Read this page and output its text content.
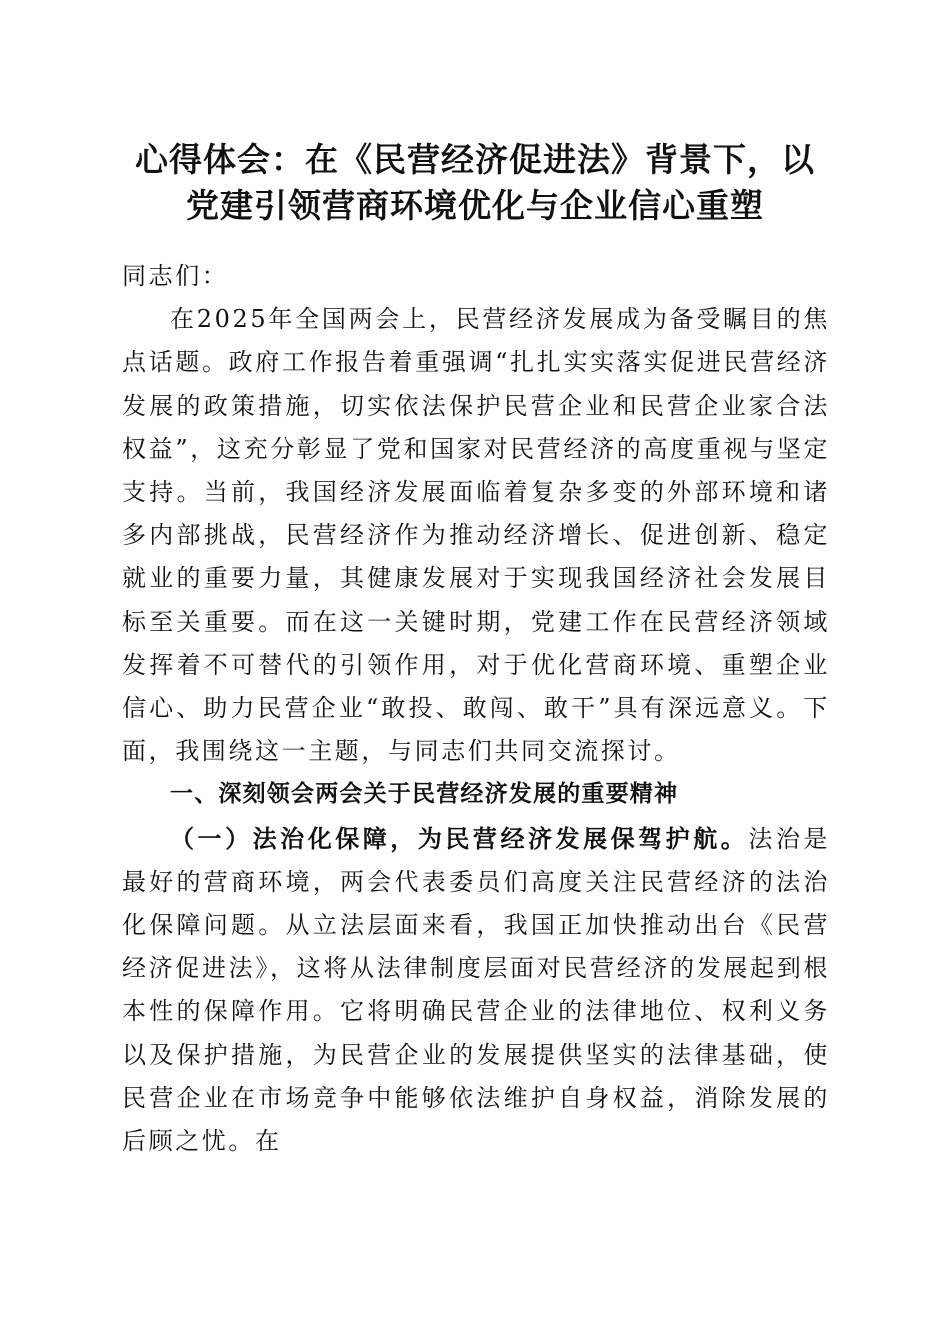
心得体会：在《民营经济促进法》背景下，以
党建引领营商环境优化与企业信心重塑

同志们：

在2025年全国两会上，民营经济发展成为备受瞩目的焦点话题。政府工作报告着重强调“扎扎实实落实促进民营经济发展的政策措施，切实依法保护民营企业和民营企业家合法权益”，这充分彰显了党和国家对民营经济的高度重视与坚定支持。当前，我国经济发展面临着复杂多变的外部环境和诸多内部挑战，民营经济作为推动经济增长、促进创新、稳定就业的重要力量，其健康发展对于实现我国经济社会发展目标至关重要。而在这一关键时期，党建工作在民营经济领域发挥着不可替代的引领作用，对于优化营商环境、重塑企业信心、助力民营企业“敢投、敢闯、敢干”具有深远意义。下面，我围绕这一主题，与同志们共同交流探讨。

一、深刻领会两会关于民营经济发展的重要精神

（一）法治化保障，为民营经济发展保驾护航。法治是最好的营商环境，两会代表委员们高度关注民营经济的法治化保障问题。从立法层面来看，我国正加快推动出台《民营经济促进法》，这将从法律制度层面对民营经济的发展起到根本性的保障作用。它将明确民营企业的法律地位、权利义务以及保护措施，为民营企业的发展提供坚实的法律基础，使民营企业在市场竞争中能够依法维护自身权益，消除发展的后顾之忧。在
